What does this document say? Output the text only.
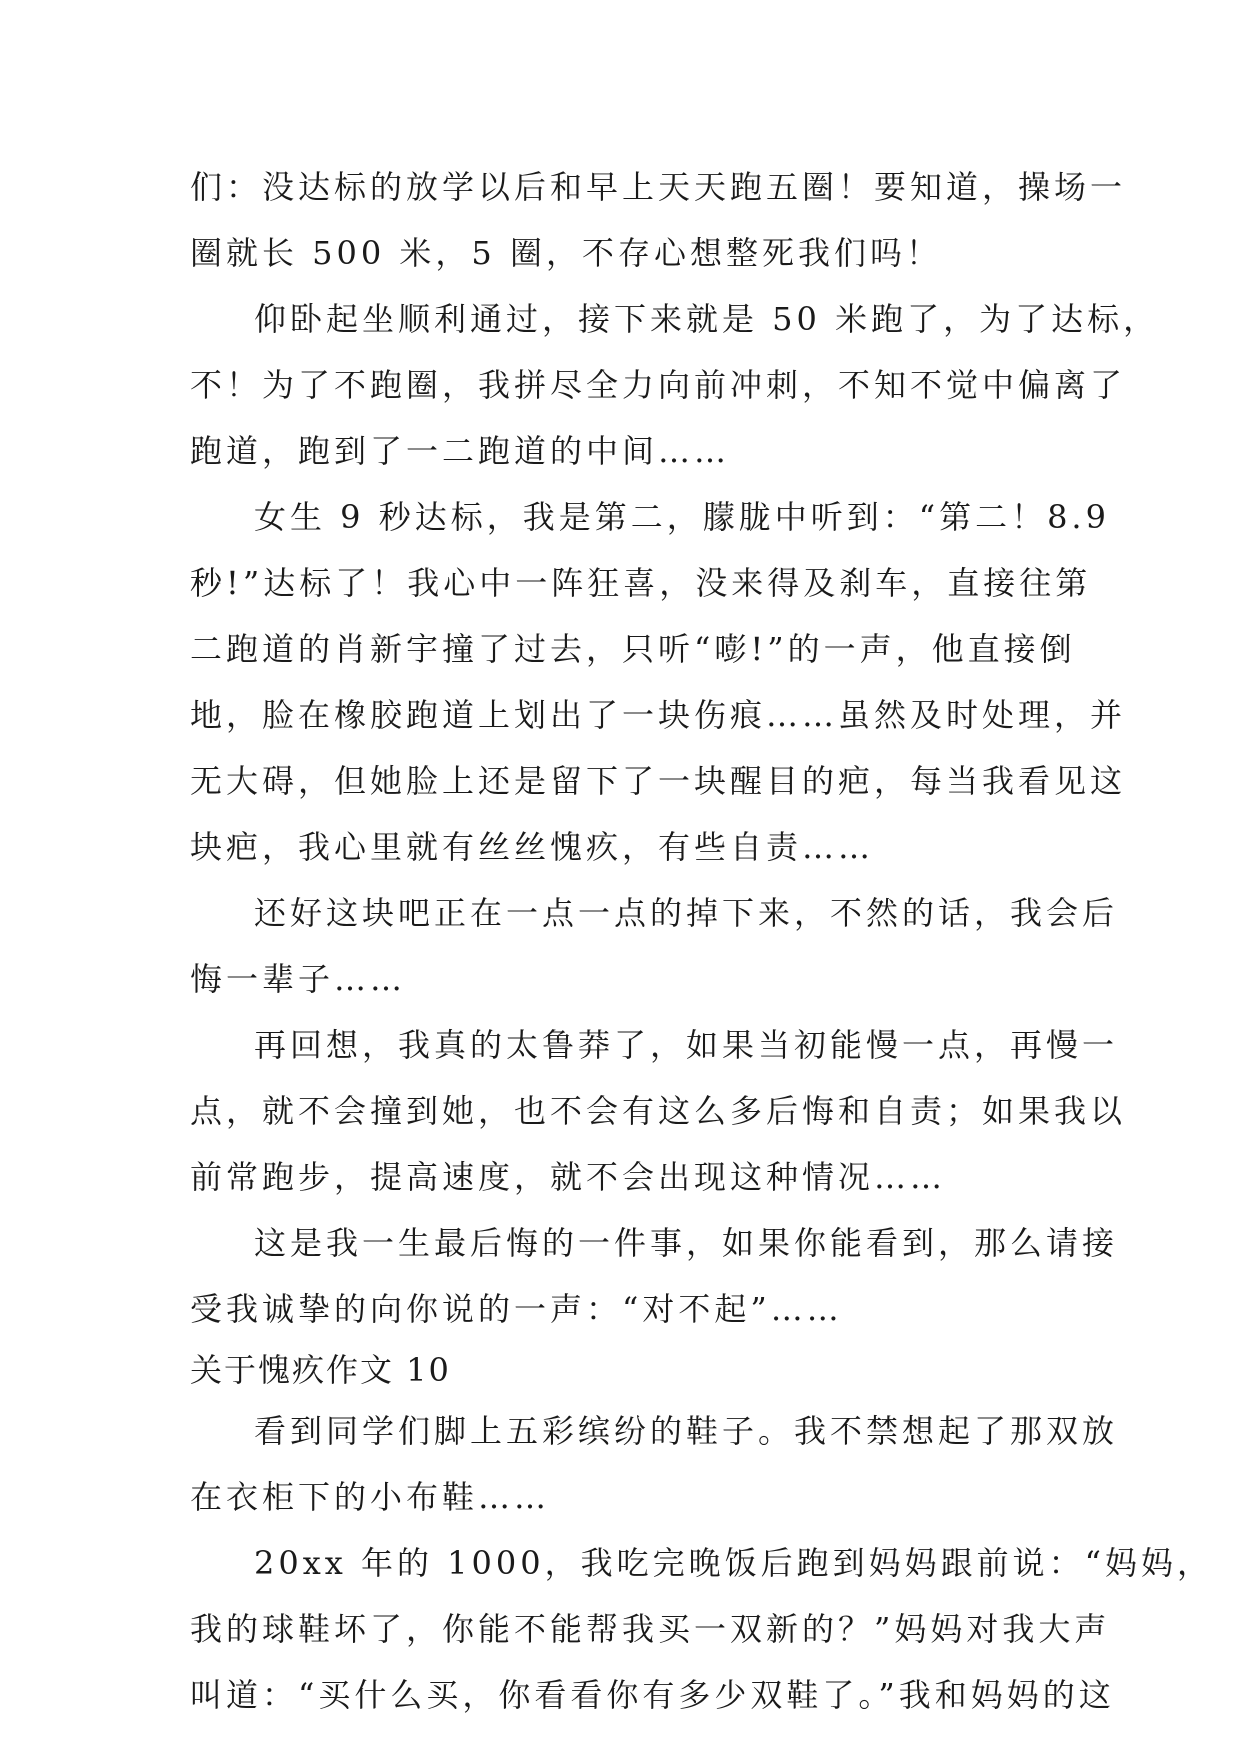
们：没达标的放学以后和早上天天跑五圈！要知道，操场一
圈就长 500 米，5 圈，不存心想整死我们吗！
仰卧起坐顺利通过，接下来就是 50 米跑了，为了达标，
不！为了不跑圈，我拼尽全力向前冲刺，不知不觉中偏离了
跑道，跑到了一二跑道的中间……
女生 9 秒达标，我是第二，朦胧中听到：“第二！8.9
秒!”达标了！我心中一阵狂喜，没来得及刹车，直接往第
二跑道的肖新宇撞了过去，只听“嘭!”的一声，他直接倒
地，脸在橡胶跑道上划出了一块伤痕……虽然及时处理，并
无大碍，但她脸上还是留下了一块醒目的疤，每当我看见这
块疤，我心里就有丝丝愧疚，有些自责……
还好这块吧正在一点一点的掉下来，不然的话，我会后
悔一辈子……
再回想，我真的太鲁莽了，如果当初能慢一点，再慢一
点，就不会撞到她，也不会有这么多后悔和自责；如果我以
前常跑步，提高速度，就不会出现这种情况……
这是我一生最后悔的一件事，如果你能看到，那么请接
受我诚挚的向你说的一声：“对不起”……
关于愧疚作文 10
看到同学们脚上五彩缤纷的鞋子。我不禁想起了那双放
在衣柜下的小布鞋……
20xx 年的 1000，我吃完晚饭后跑到妈妈跟前说：“妈妈，
我的球鞋坏了，你能不能帮我买一双新的？”妈妈对我大声
叫道：“买什么买，你看看你有多少双鞋了。”我和妈妈的这
